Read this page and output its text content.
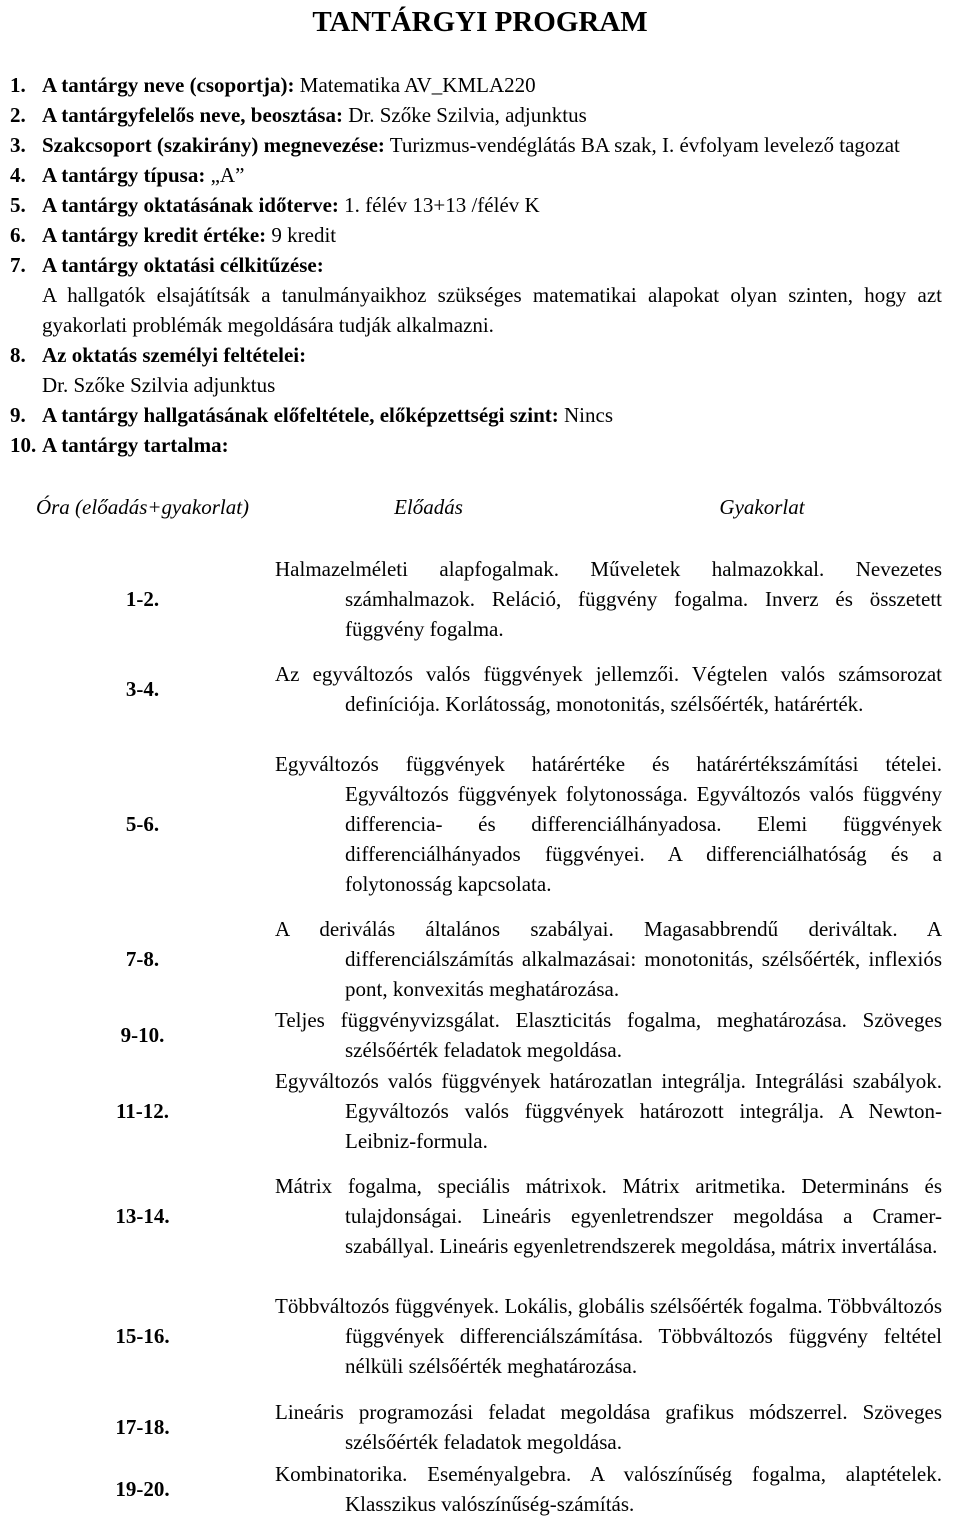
TANTÁRGYI PROGRAM
1. A tantárgy neve (csoportja): Matematika AV_KMLA220
2. A tantárgyfelelős neve, beosztása: Dr. Szőke Szilvia, adjunktus
3. Szakcsoport (szakirány) megnevezése: Turizmus-vendéglátás BA szak, I. évfolyam levelező tagozat
4. A tantárgy típusa: „A”
5. A tantárgy oktatásának időterve: 1. félév 13+13 /félév K
6. A tantárgy kredit értéke: 9 kredit
7. A tantárgy oktatási célkitűzése:
A hallgatók elsajátítsák a tanulmányaikhoz szükséges matematikai alapokat olyan szinten, hogy azt gyakorlati problémák megoldására tudják alkalmazni.
8. Az oktatás személyi feltételei:
Dr. Szőke Szilvia adjunktus
9. A tantárgy hallgatásának előfeltétele, előképzettségi szint: Nincs
10. A tantárgy tartalma:
Óra (előadás+gyakorlat)	Előadás	Gyakorlat
1-2.	Halmazelméleti alapfogalmak. Műveletek halmazokkal. Nevezetes számhalmazok. Reláció, függvény fogalma. Inverz és összetett függvény fogalma.	
3-4.	Az egyváltozós valós függvények jellemzői. Végtelen valós számsorozat definíciója. Korlátosság, monotonitás, szélsőérték, határérték.	
5-6.	Egyváltozós függvények határértéke és határértékszámítási tételei. Egyváltozós függvények folytonossága. Egyváltozós valós függvény differencia- és differenciálhányadosa. Elemi függvények differenciálhányados függvényei. A differenciálhatóság és a folytonosság kapcsolata.	
7-8.	A deriválás általános szabályai. Magasabbrendű deriváltak. A differenciálszámítás alkalmazásai: monotonitás, szélsőérték, inflexiós pont, konvexitás meghatározása.	
9-10.	Teljes függvényvizsgálat. Elaszticitás fogalma, meghatározása. Szöveges szélsőérték feladatok megoldása.	
11-12.	Egyváltozós valós függvények határozatlan integrálja. Integrálási szabályok. Egyváltozós valós függvények határozott integrálja. A Newton-Leibniz-formula.	
13-14.	Mátrix fogalma, speciális mátrixok. Mátrix aritmetika. Determináns és tulajdonságai. Lineáris egyenletrendszer megoldása a Cramer-szabállyal. Lineáris egyenletrendszerek megoldása, mátrix invertálása.	
15-16.	Többváltozós függvények. Lokális, globális szélsőérték fogalma. Többváltozós függvények differenciálszámítása. Többváltozós függvény feltétel nélküli szélsőérték meghatározása.	
17-18.	Lineáris programozási feladat megoldása grafikus módszerrel. Szöveges szélsőérték feladatok megoldása.	
19-20.	Kombinatorika. Eseményalgebra. A valószínűség fogalma, alaptételek. Klasszikus valószínűség-számítás.	
